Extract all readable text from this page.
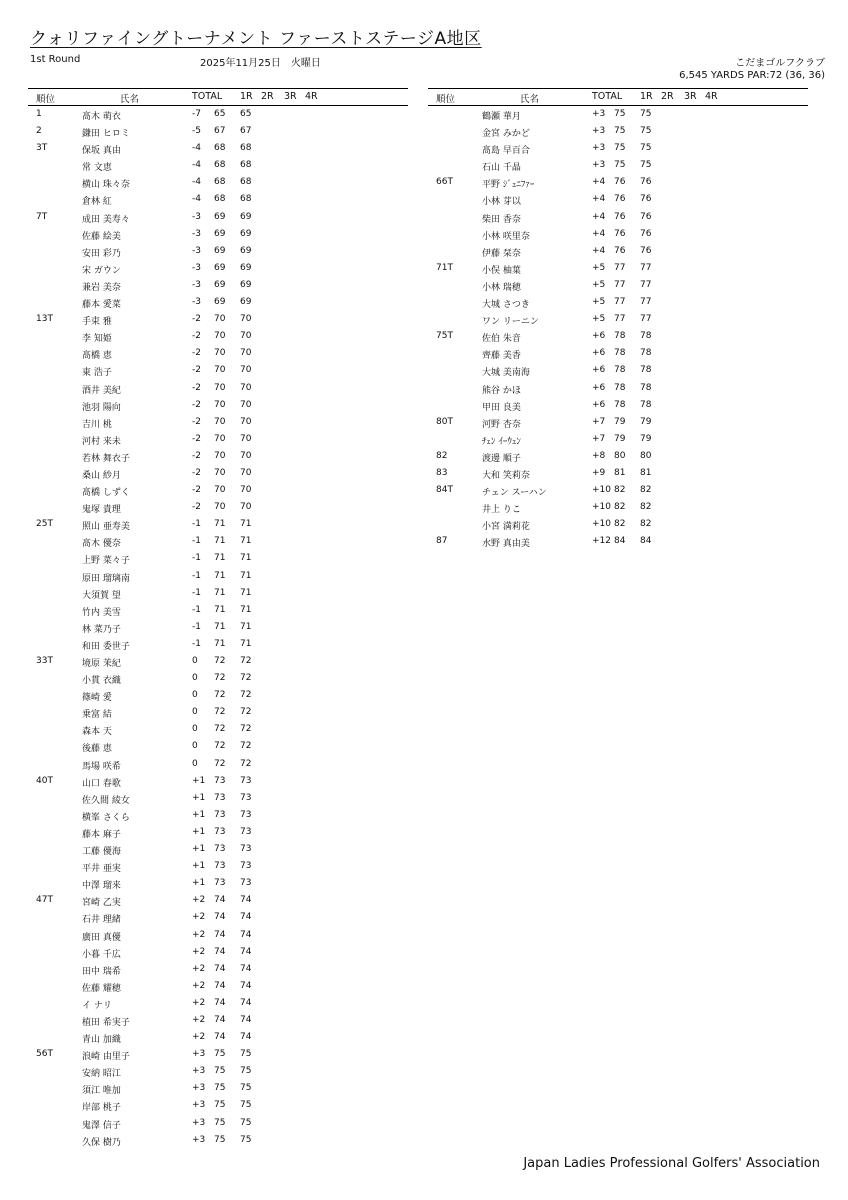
クォリファイングトーナメント ファーストステージA地区
1st Round	2025年11月25日　火曜日	こだまゴルフクラブ
6,545 YARDS PAR:72 (36, 36)
順位	氏名	TOTAL 1R 2R 3R 4R
1	髙木 萌衣	-7 65 65
2	鎌田 ヒロミ	-5 67 67
3T	保坂 真由	-4 68 68
常 文恵	-4 68 68
横山 珠々奈	-4 68 68
倉林 紅	-4 68 68
7T	成田 美寿々	-3 69 69
佐藤 絵美	-3 69 69
安田 彩乃	-3 69 69
宋 ガウン	-3 69 69
兼岩 美奈	-3 69 69
藤本 愛菜	-3 69 69
13T	手束 雅	-2 70 70
李 知姫	-2 70 70
髙橋 恵	-2 70 70
東 浩子	-2 70 70
酒井 美紀	-2 70 70
池羽 陽向	-2 70 70
吉川 桃	-2 70 70
河村 来未	-2 70 70
若林 舞衣子	-2 70 70
桑山 紗月	-2 70 70
髙橋 しずく	-2 70 70
鬼塚 貴理	-2 70 70
25T	照山 亜寿美	-1 71 71
髙木 優奈	-1 71 71
上野 菜々子	-1 71 71
原田 瑠璃南	-1 71 71
大須賀 望	-1 71 71
竹内 美雪	-1 71 71
林 菜乃子	-1 71 71
和田 委世子	-1 71 71
33T	境原 茉紀	0 72 72
小貫 衣織	0 72 72
篠崎 愛	0 72 72
乗富 結	0 72 72
森本 天	0 72 72
後藤 恵	0 72 72
馬場 咲希	0 72 72
40T	山口 春歌	+1 73 73
佐久間 綾女	+1 73 73
横峯 さくら	+1 73 73
藤本 麻子	+1 73 73
工藤 優海	+1 73 73
平井 亜実	+1 73 73
中澤 瑠来	+1 73 73
47T	宮崎 乙実	+2 74 74
石井 理緒	+2 74 74
廣田 真優	+2 74 74
小暮 千広	+2 74 74
田中 瑞希	+2 74 74
佐藤 耀穂	+2 74 74
イ ナリ	+2 74 74
植田 希実子	+2 74 74
青山 加織	+2 74 74
56T	浪崎 由里子	+3 75 75
安納 昭江	+3 75 75
須江 唯加	+3 75 75
岸部 桃子	+3 75 75
鬼澤 信子	+3 75 75
久保 樹乃	+3 75 75
順位	氏名	TOTAL 1R 2R 3R 4R
鶴瀬 華月	+3 75 75
金宮 みかど	+3 75 75
髙島 早百合	+3 75 75
石山 千晶	+3 75 75
66T	平野 ｼﾞｪﾆﾌｧｰ	+4 76 76
小林 芽以	+4 76 76
柴田 香奈	+4 76 76
小林 咲里奈	+4 76 76
伊藤 栞奈	+4 76 76
71T	小俣 柚葉	+5 77 77
小林 瑞穂	+5 77 77
大城 さつき	+5 77 77
ワン リーニン	+5 77 77
75T	佐伯 朱音	+6 78 78
齊藤 美香	+6 78 78
大城 美南海	+6 78 78
熊谷 かほ	+6 78 78
甲田 良美	+6 78 78
80T	河野 杏奈	+7 79 79
ﾁｪﾝ ｲｰｳｪﾝ	+7 79 79
82	渡邊 順子	+8 80 80
83	大和 笑莉奈	+9 81 81
84T	チェン スーハン	+10 82 82
井上 りこ	+10 82 82
小宮 満莉花	+10 82 82
87	水野 真由美	+12 84 84
Japan Ladies Professional Golfers' Association
